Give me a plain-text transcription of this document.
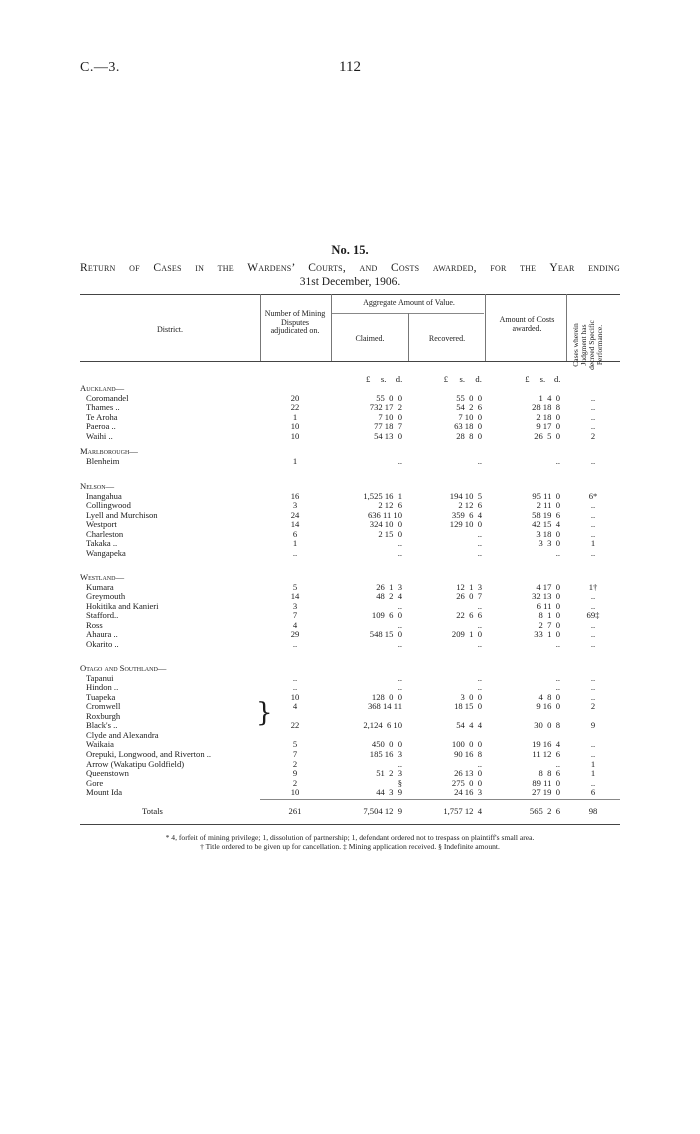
C.—3.	112
No. 15.
Return of Cases in the Wardens’ Courts, and Costs awarded, for the Year ending
31st December, 1906.
District.
Number of Mining Disputes adjudicated on.
Aggregate Amount of Value.
Claimed.	Recovered.
Amount of Costs awarded.	Cases wherein Judgment has decreed Specific Performance.
£ s. d.	£ s. d.	£ s. d.
Auckland—
Coromandel	20	55  0  0	55  0  0	1  4  0	..
Thames ..	22	732 17  2	54  2  6	28 18  8	..
Te Aroha	1	7 10  0	7 10  0	2 18  0	..
Paeroa ..	10	77 18  7	63 18  0	9 17  0	..
Waihi ..	10	54 13  0	28  8  0	26  5  0	2
Marlborough—
Blenheim	1	..	..	..	..
Nelson—
Inangahua	16	1,525 16  1	194 10  5	95 11  0	6*
Collingwood	3	2 12  6	2 12  6	2 11  0	..
Lyell and Murchison	24	636 11 10	359  6  4	58 19  6	..
Westport	14	324 10  0	129 10  0	42 15  4	..
Charleston	6	2 15  0	..	3 18  0	..
Takaka ..	1	..	..	3  3  0	1
Wangapeka	..	..	..	..	..
Westland—
Kumara	5	26  1  3	12  1  3	4 17  0	1†
Greymouth	14	48  2  4	26  0  7	32 13  0	..
Hokitika and Kanieri	3	..	..	6 11  0	..
Stafford..	7	109  6  0	22  6  6	8  1  0	69‡
Ross	4	..	..	2  7  0	..
Ahaura ..	29	548 15  0	209  1  0	33  1  0	..
Okarito ..	..	..	..	..	..
Otago and Southland—
Tapanui	..	..	..	..	..
Hindon ..	..	..	..	..	..
Tuapeka	10	128  0  0	3  0  0	4  8  0	..
Cromwell	4	368 14 11	18 15  0	9 16  0	2
Roxburgh
Black's ..	22	2,124  6 10	54  4  4	30  0  8	9
Clyde and Alexandra
Waikaia	5	450  0  0	100  0  0	19 16  4	..
Orepuki, Longwood, and Riverton ..	7	185 16  3	90 16  8	11 12  6	..
Arrow (Wakatipu Goldfield)	2	..	..	..	1
Queenstown	9	51  2  3	26 13  0	8  8  6	1
Gore	2	§	275  0  0	89 11  0	..
Mount Ida	10	44  3  9	24 16  3	27 19  0	6
}
Totals	261	7,504 12  9	1,757 12  4	565  2  6	98
* 4, forfeit of mining privilege; 1, dissolution of partnership; 1, defendant ordered not to trespass on plaintiff's small area.
† Title ordered to be given up for cancellation. ‡ Mining application received. § Indefinite amount.
